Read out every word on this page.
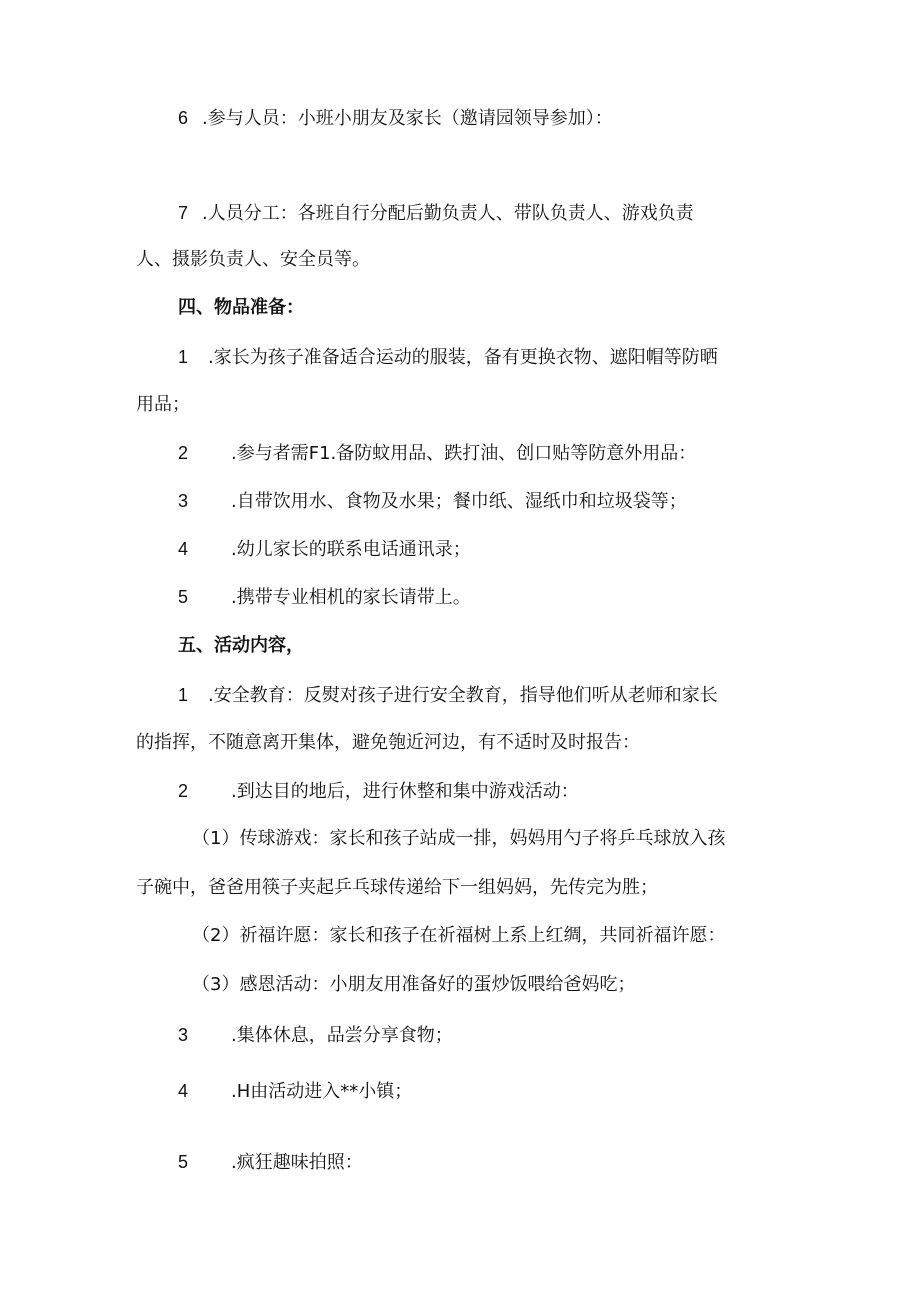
6 .参与人员：小班小朋友及家长（邀请园领导参加）：
7 .人员分工：各班自行分配后勤负责人、带队负责人、游戏负责
人、摄影负责人、安全员等。
四、物品准备：
1 .家长为孩子准备适合运动的服装，备有更换衣物、遮阳帽等防晒
用品；
2 .参与者需F1.备防蚊用品、跌打油、创口贴等防意外用品：
3 .自带饮用水、食物及水果；餐巾纸、湿纸巾和垃圾袋等；
4 .幼儿家长的联系电话通讯录；
5 .携带专业相机的家长请带上。
五、活动内容，
1 .安全教育：反熨对孩子进行安全教育，指导他们听从老师和家长
的指挥，不随意离开集体，避免匏近河边，有不适时及时报告：
2 .到达目的地后，进行休整和集中游戏活动：
（1）传球游戏：家长和孩子站成一排，妈妈用勺子将乒乓球放入孩
子碗中，爸爸用筷子夹起乒乓球传递给下一组妈妈，先传完为胜；
（2）祈福许愿：家长和孩子在祈福树上系上红绸，共同祈福许愿：
（3）感恩活动：小朋友用准备好的蛋炒饭喂给爸妈吃；
3 .集体休息，品尝分享食物；
4 .H由活动进入**小镇；
5 .疯狂趣味拍照：
